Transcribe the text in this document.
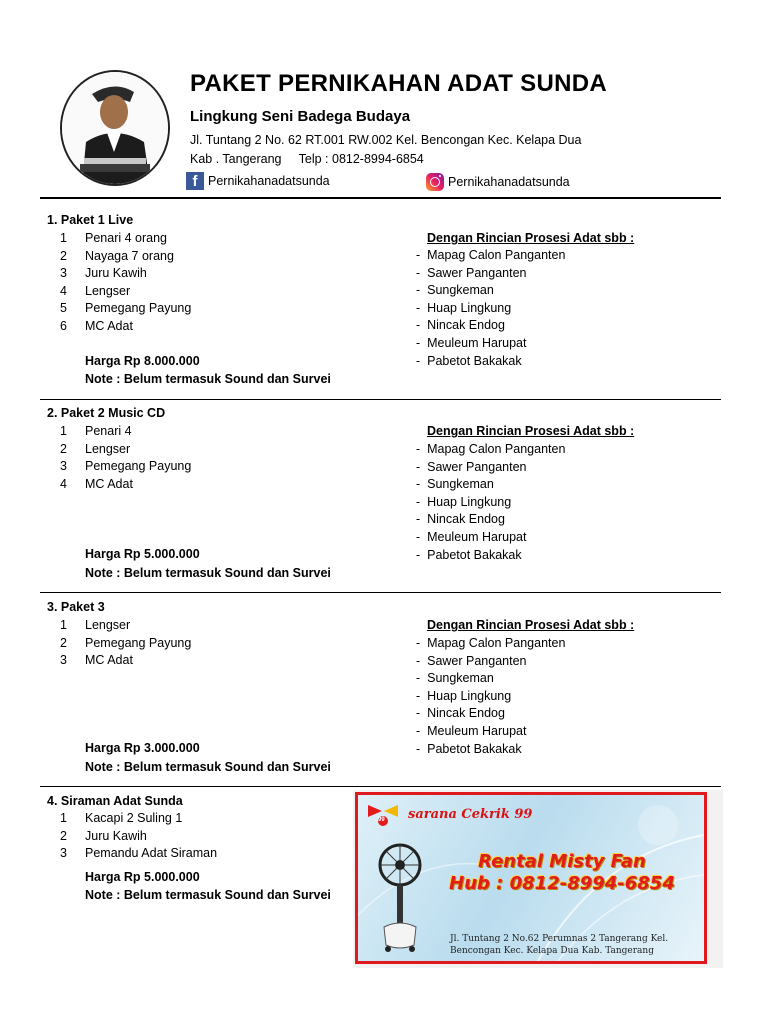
PAKET PERNIKAHAN ADAT SUNDA
Lingkung Seni Badega Budaya
Jl. Tuntang 2 No. 62 RT.001 RW.002 Kel. Bencongan Kec. Kelapa Dua
Kab . Tangerang     Telp : 0812-8994-6854
f Pernikahanadatsunda	Pernikahanadatsunda
1. Paket 1 Live
1	Penari 4 orang
2	Nayaga 7 orang
3	Juru Kawih
4	Lengser
5	Pemegang Payung
6	MC Adat
Harga Rp 8.000.000
Note : Belum termasuk Sound dan Survei
Dengan Rincian Prosesi Adat sbb :
-  Mapag Calon Panganten
-  Sawer Panganten
-  Sungkeman
-  Huap Lingkung
-  Nincak Endog
-  Meuleum Harupat
-  Pabetot Bakakak
2. Paket 2 Music CD
1	Penari 4
2	Lengser
3	Pemegang Payung
4	MC Adat
Harga Rp 5.000.000
Note : Belum termasuk Sound dan Survei
Dengan Rincian Prosesi Adat sbb :
-  Mapag Calon Panganten
-  Sawer Panganten
-  Sungkeman
-  Huap Lingkung
-  Nincak Endog
-  Meuleum Harupat
-  Pabetot Bakakak
3. Paket 3
1	Lengser
2	Pemegang Payung
3	MC Adat
Harga Rp 3.000.000
Note : Belum termasuk Sound dan Survei
Dengan Rincian Prosesi Adat sbb :
-  Mapag Calon Panganten
-  Sawer Panganten
-  Sungkeman
-  Huap Lingkung
-  Nincak Endog
-  Meuleum Harupat
-  Pabetot Bakakak
4. Siraman Adat Sunda
1	Kacapi 2 Suling 1
2	Juru Kawih
3	Pemandu Adat Siraman
Harga Rp 5.000.000
Note : Belum termasuk Sound dan Survei
99 sarana Cekrik 99
Rental Misty Fan
Hub : 0812-8994-6854
Jl. Tuntang 2 No.62 Perumnas 2 Tangerang Kel.
Bencongan Kec. Kelapa Dua Kab. Tangerang
